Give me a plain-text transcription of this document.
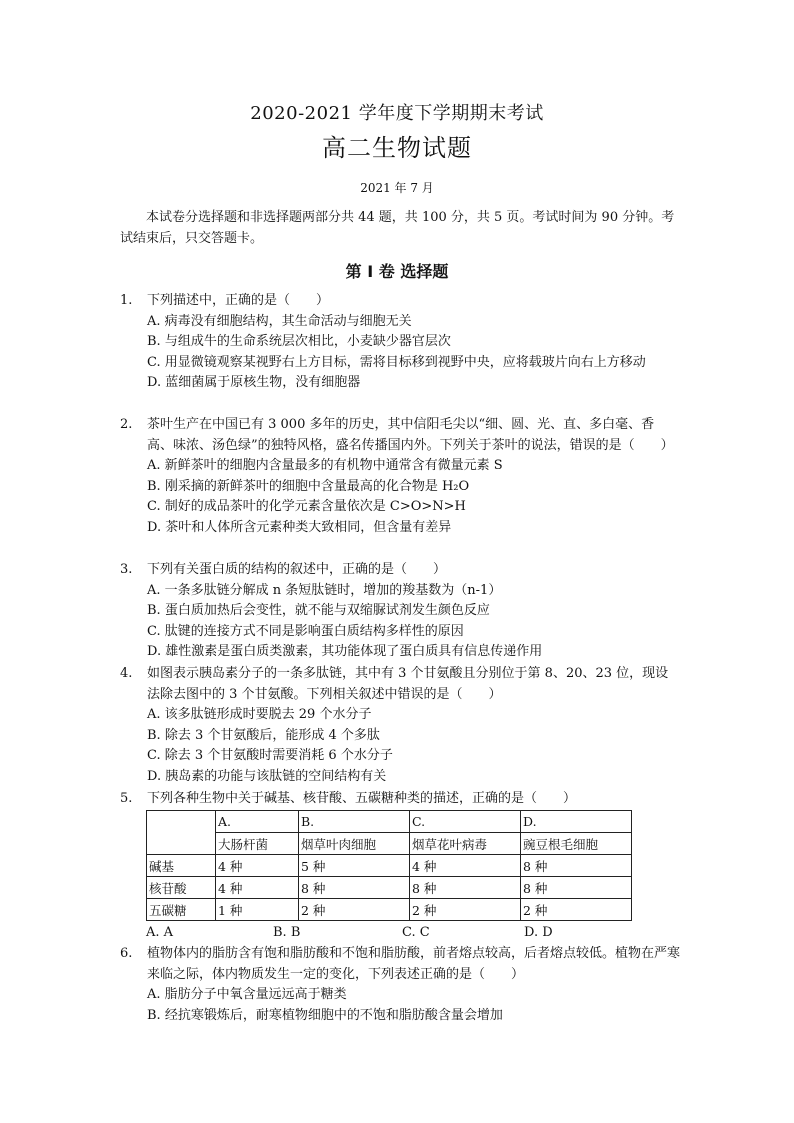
2020-2021 学年度下学期期末考试
高二生物试题
2021 年 7 月
本试卷分选择题和非选择题两部分共 44 题，共 100 分，共 5 页。考试时间为 90 分钟。考试结束后，只交答题卡。
第 Ⅰ 卷 选择题
1.	下列描述中，正确的是（　　）
A. 病毒没有细胞结构，其生命活动与细胞无关
B. 与组成牛的生命系统层次相比，小麦缺少器官层次
C. 用显微镜观察某视野右上方目标，需将目标移到视野中央，应将载玻片向右上方移动
D. 蓝细菌属于原核生物，没有细胞器
2.	茶叶生产在中国已有 3 000 多年的历史，其中信阳毛尖以“细、圆、光、直、多白毫、香高、味浓、汤色绿”的独特风格，盛名传播国内外。下列关于茶叶的说法，错误的是（　　）
A. 新鲜茶叶的细胞内含量最多的有机物中通常含有微量元素 S
B. 刚采摘的新鲜茶叶的细胞中含量最高的化合物是 H₂O
C. 制好的成品茶叶的化学元素含量依次是 C>O>N>H
D. 茶叶和人体所含元素种类大致相同，但含量有差异
3.	下列有关蛋白质的结构的叙述中，正确的是（　　）
A. 一条多肽链分解成 n 条短肽链时，增加的羧基数为（n-1）
B. 蛋白质加热后会变性，就不能与双缩脲试剂发生颜色反应
C. 肽键的连接方式不同是影响蛋白质结构多样性的原因
D. 雄性激素是蛋白质类激素，其功能体现了蛋白质具有信息传递作用
4.	如图表示胰岛素分子的一条多肽链，其中有 3 个甘氨酸且分别位于第 8、20、23 位，现设法除去图中的 3 个甘氨酸。下列相关叙述中错误的是（　　）
A. 该多肽链形成时要脱去 29 个水分子
B. 除去 3 个甘氨酸后，能形成 4 个多肽
C. 除去 3 个甘氨酸时需要消耗 6 个水分子
D. 胰岛素的功能与该肽链的空间结构有关
5.	下列各种生物中关于碱基、核苷酸、五碳糖种类的描述，正确的是（　　）
	A.	B.	C.	D.
	大肠杆菌	烟草叶肉细胞	烟草花叶病毒	豌豆根毛细胞
碱基	4 种	5 种	4 种	8 种
核苷酸	4 种	8 种	8 种	8 种
五碳糖	1 种	2 种	2 种	2 种
A. A	B. B	C. C	D. D
6.	植物体内的脂肪含有饱和脂肪酸和不饱和脂肪酸，前者熔点较高，后者熔点较低。植物在严寒来临之际，体内物质发生一定的变化，下列表述正确的是（　　）
A. 脂肪分子中氧含量远远高于糖类
B. 经抗寒锻炼后，耐寒植物细胞中的不饱和脂肪酸含量会增加
